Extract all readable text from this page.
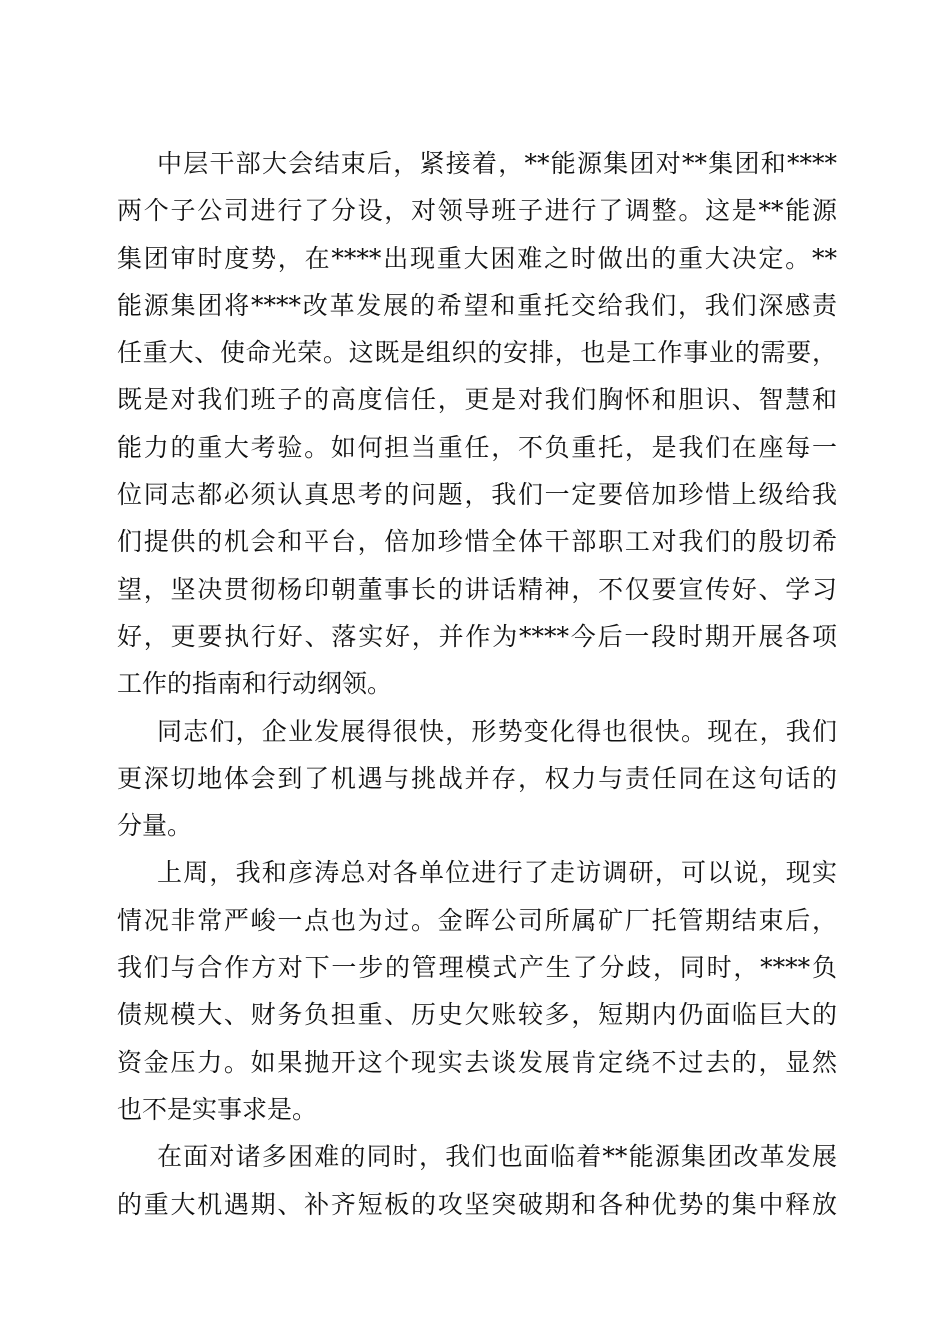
中层干部大会结束后，紧接着，**能源集团对**集团和****
两个子公司进行了分设，对领导班子进行了调整。这是**能源
集团审时度势，在****出现重大困难之时做出的重大决定。**
能源集团将****改革发展的希望和重托交给我们，我们深感责
任重大、使命光荣。这既是组织的安排，也是工作事业的需要，
既是对我们班子的高度信任，更是对我们胸怀和胆识、智慧和
能力的重大考验。如何担当重任，不负重托，是我们在座每一
位同志都必须认真思考的问题，我们一定要倍加珍惜上级给我
们提供的机会和平台，倍加珍惜全体干部职工对我们的殷切希
望，坚决贯彻杨印朝董事长的讲话精神，不仅要宣传好、学习
好，更要执行好、落实好，并作为****今后一段时期开展各项
工作的指南和行动纲领。
同志们，企业发展得很快，形势变化得也很快。现在，我们
更深切地体会到了机遇与挑战并存，权力与责任同在这句话的
分量。
上周，我和彦涛总对各单位进行了走访调研，可以说，现实
情况非常严峻一点也为过。金晖公司所属矿厂托管期结束后，
我们与合作方对下一步的管理模式产生了分歧，同时，****负
债规模大、财务负担重、历史欠账较多，短期内仍面临巨大的
资金压力。如果抛开这个现实去谈发展肯定绕不过去的，显然
也不是实事求是。
在面对诸多困难的同时，我们也面临着**能源集团改革发展
的重大机遇期、补齐短板的攻坚突破期和各种优势的集中释放
